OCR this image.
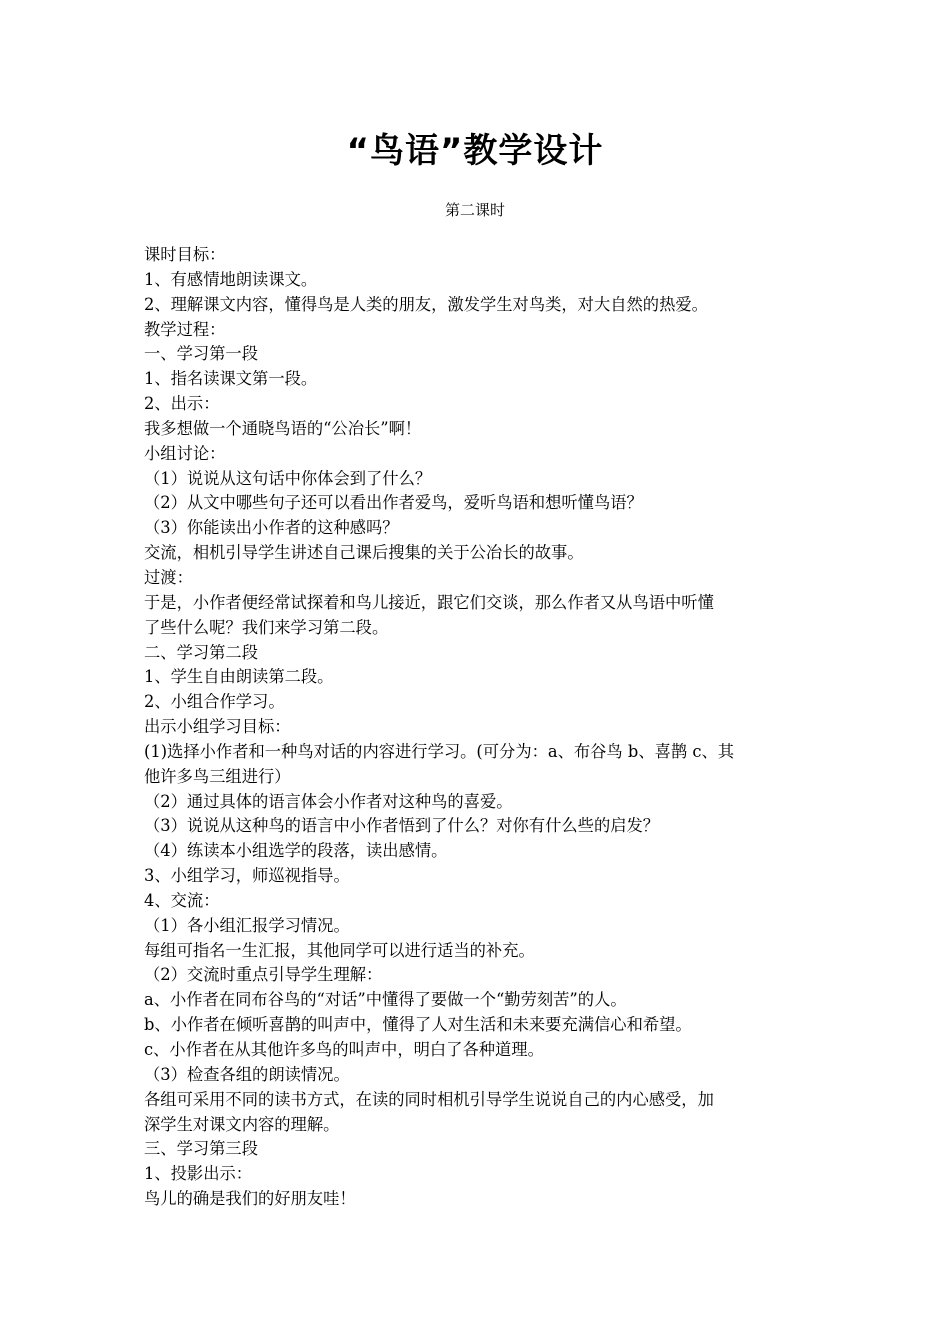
“鸟语”教学设计
第二课时
课时目标：
1、有感情地朗读课文。
2、理解课文内容，懂得鸟是人类的朋友，激发学生对鸟类，对大自然的热爱。
教学过程：
一、学习第一段
1、指名读课文第一段。
2、出示：
我多想做一个通晓鸟语的“公冶长”啊！
小组讨论：
（1）说说从这句话中你体会到了什么？
（2）从文中哪些句子还可以看出作者爱鸟，爱听鸟语和想听懂鸟语？
（3）你能读出小作者的这种感吗？
交流，相机引导学生讲述自己课后搜集的关于公冶长的故事。
过渡：
于是，小作者便经常试探着和鸟儿接近，跟它们交谈，那么作者又从鸟语中听懂
了些什么呢？我们来学习第二段。
二、学习第二段
1、学生自由朗读第二段。
2、小组合作学习。
出示小组学习目标：
(1)选择小作者和一种鸟对话的内容进行学习。(可分为：a、布谷鸟 b、喜鹊 c、其
他许多鸟三组进行）
（2）通过具体的语言体会小作者对这种鸟的喜爱。
（3）说说从这种鸟的语言中小作者悟到了什么？对你有什么些的启发？
（4）练读本小组选学的段落，读出感情。
3、小组学习，师巡视指导。
4、交流：
（1）各小组汇报学习情况。
每组可指名一生汇报，其他同学可以进行适当的补充。
（2）交流时重点引导学生理解：
a、小作者在同布谷鸟的“对话”中懂得了要做一个“勤劳刻苦”的人。
b、小作者在倾听喜鹊的叫声中，懂得了人对生活和未来要充满信心和希望。
c、小作者在从其他许多鸟的叫声中，明白了各种道理。
（3）检查各组的朗读情况。
各组可采用不同的读书方式，在读的同时相机引导学生说说自己的内心感受，加
深学生对课文内容的理解。
三、学习第三段
1、投影出示：
鸟儿的确是我们的好朋友哇！
